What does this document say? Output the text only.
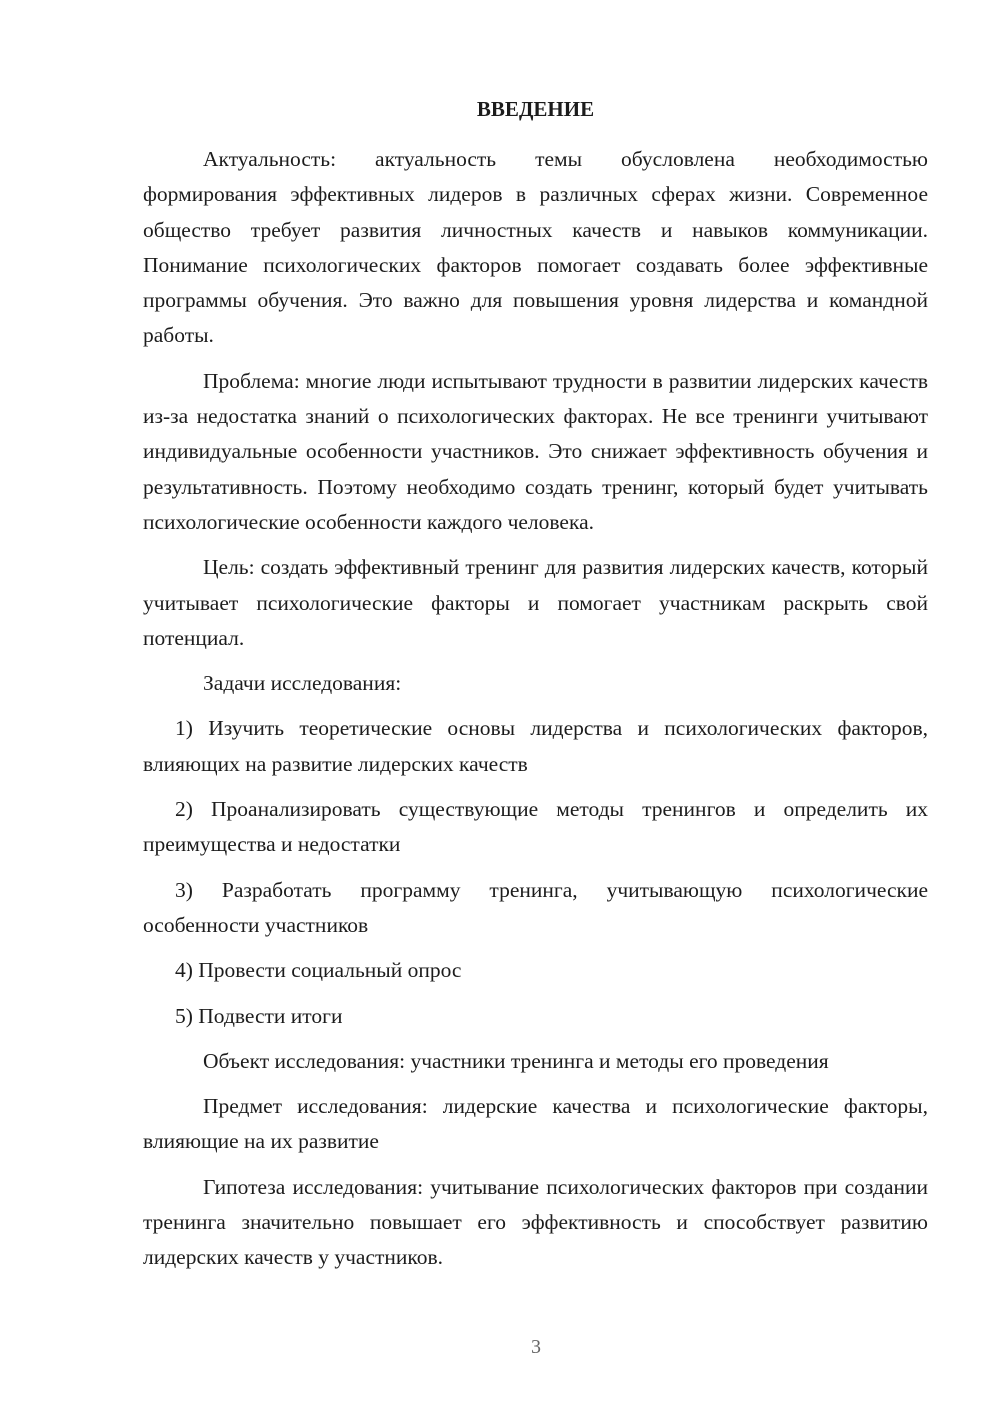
ВВЕДЕНИЕ

Актуальность: актуальность темы обусловлена необходимостью формирования эффективных лидеров в различных сферах жизни. Современное общество требует развития личностных качеств и навыков коммуникации. Понимание психологических факторов помогает создавать более эффективные программы обучения. Это важно для повышения уровня лидерства и командной работы.

Проблема: многие люди испытывают трудности в развитии лидерских качеств из-за недостатка знаний о психологических факторах. Не все тренинги учитывают индивидуальные особенности участников. Это снижает эффективность обучения и результативность. Поэтому необходимо создать тренинг, который будет учитывать психологические особенности каждого человека.

Цель: создать эффективный тренинг для развития лидерских качеств, который учитывает психологические факторы и помогает участникам раскрыть свой потенциал.

Задачи исследования:

1) Изучить теоретические основы лидерства и психологических факторов, влияющих на развитие лидерских качеств

2) Проанализировать существующие методы тренингов и определить их преимущества и недостатки

3) Разработать программу тренинга, учитывающую психологические особенности участников

4) Провести социальный опрос

5) Подвести итоги

Объект исследования: участники тренинга и методы его проведения

Предмет исследования: лидерские качества и психологические факторы, влияющие на их развитие

Гипотеза исследования: учитывание психологических факторов при создании тренинга значительно повышает его эффективность и способствует развитию лидерских качеств у участников.

3
